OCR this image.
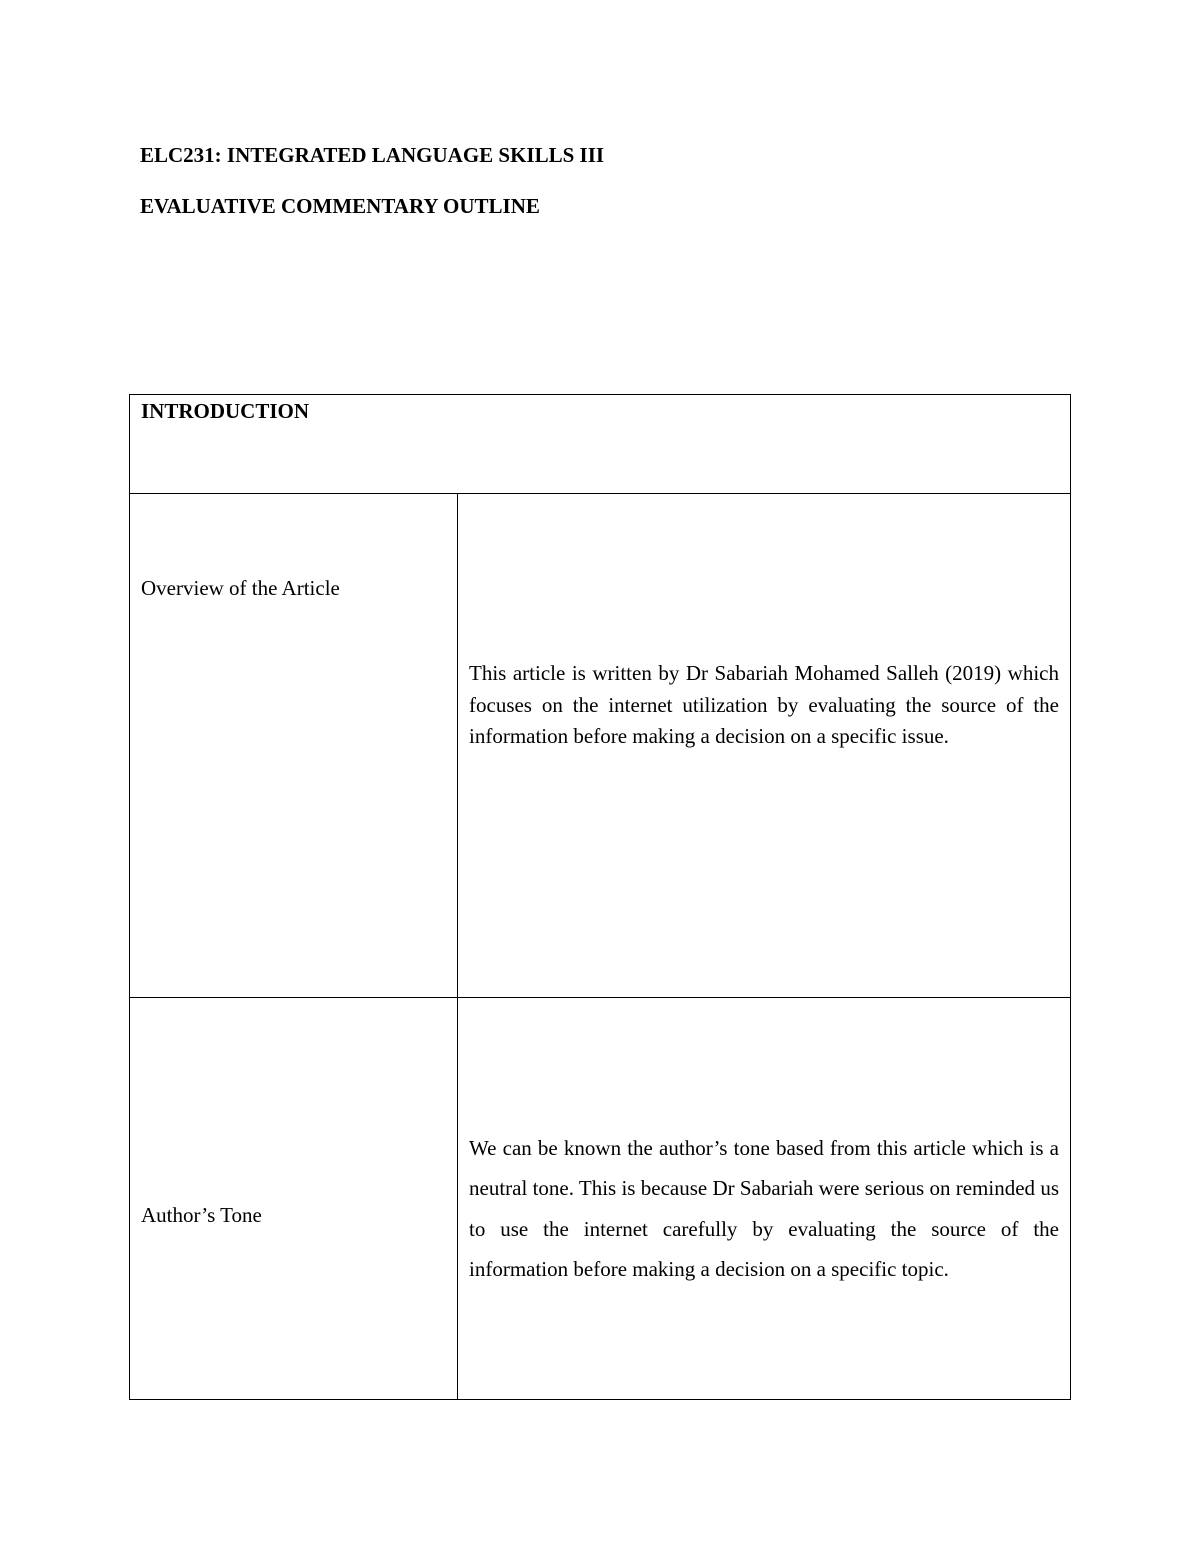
ELC231: INTEGRATED LANGUAGE SKILLS III
EVALUATIVE COMMENTARY OUTLINE
INTRODUCTION	

Overview of the Article	This article is written by Dr Sabariah Mohamed Salleh (2019) which focuses on the internet utilization by evaluating the source of the information before making a decision on a specific issue.

Author’s Tone	We can be known the author’s tone based from this article which is a neutral tone. This is because Dr Sabariah were serious on reminded us to use the internet carefully by evaluating the source of the information before making a decision on a specific topic.
